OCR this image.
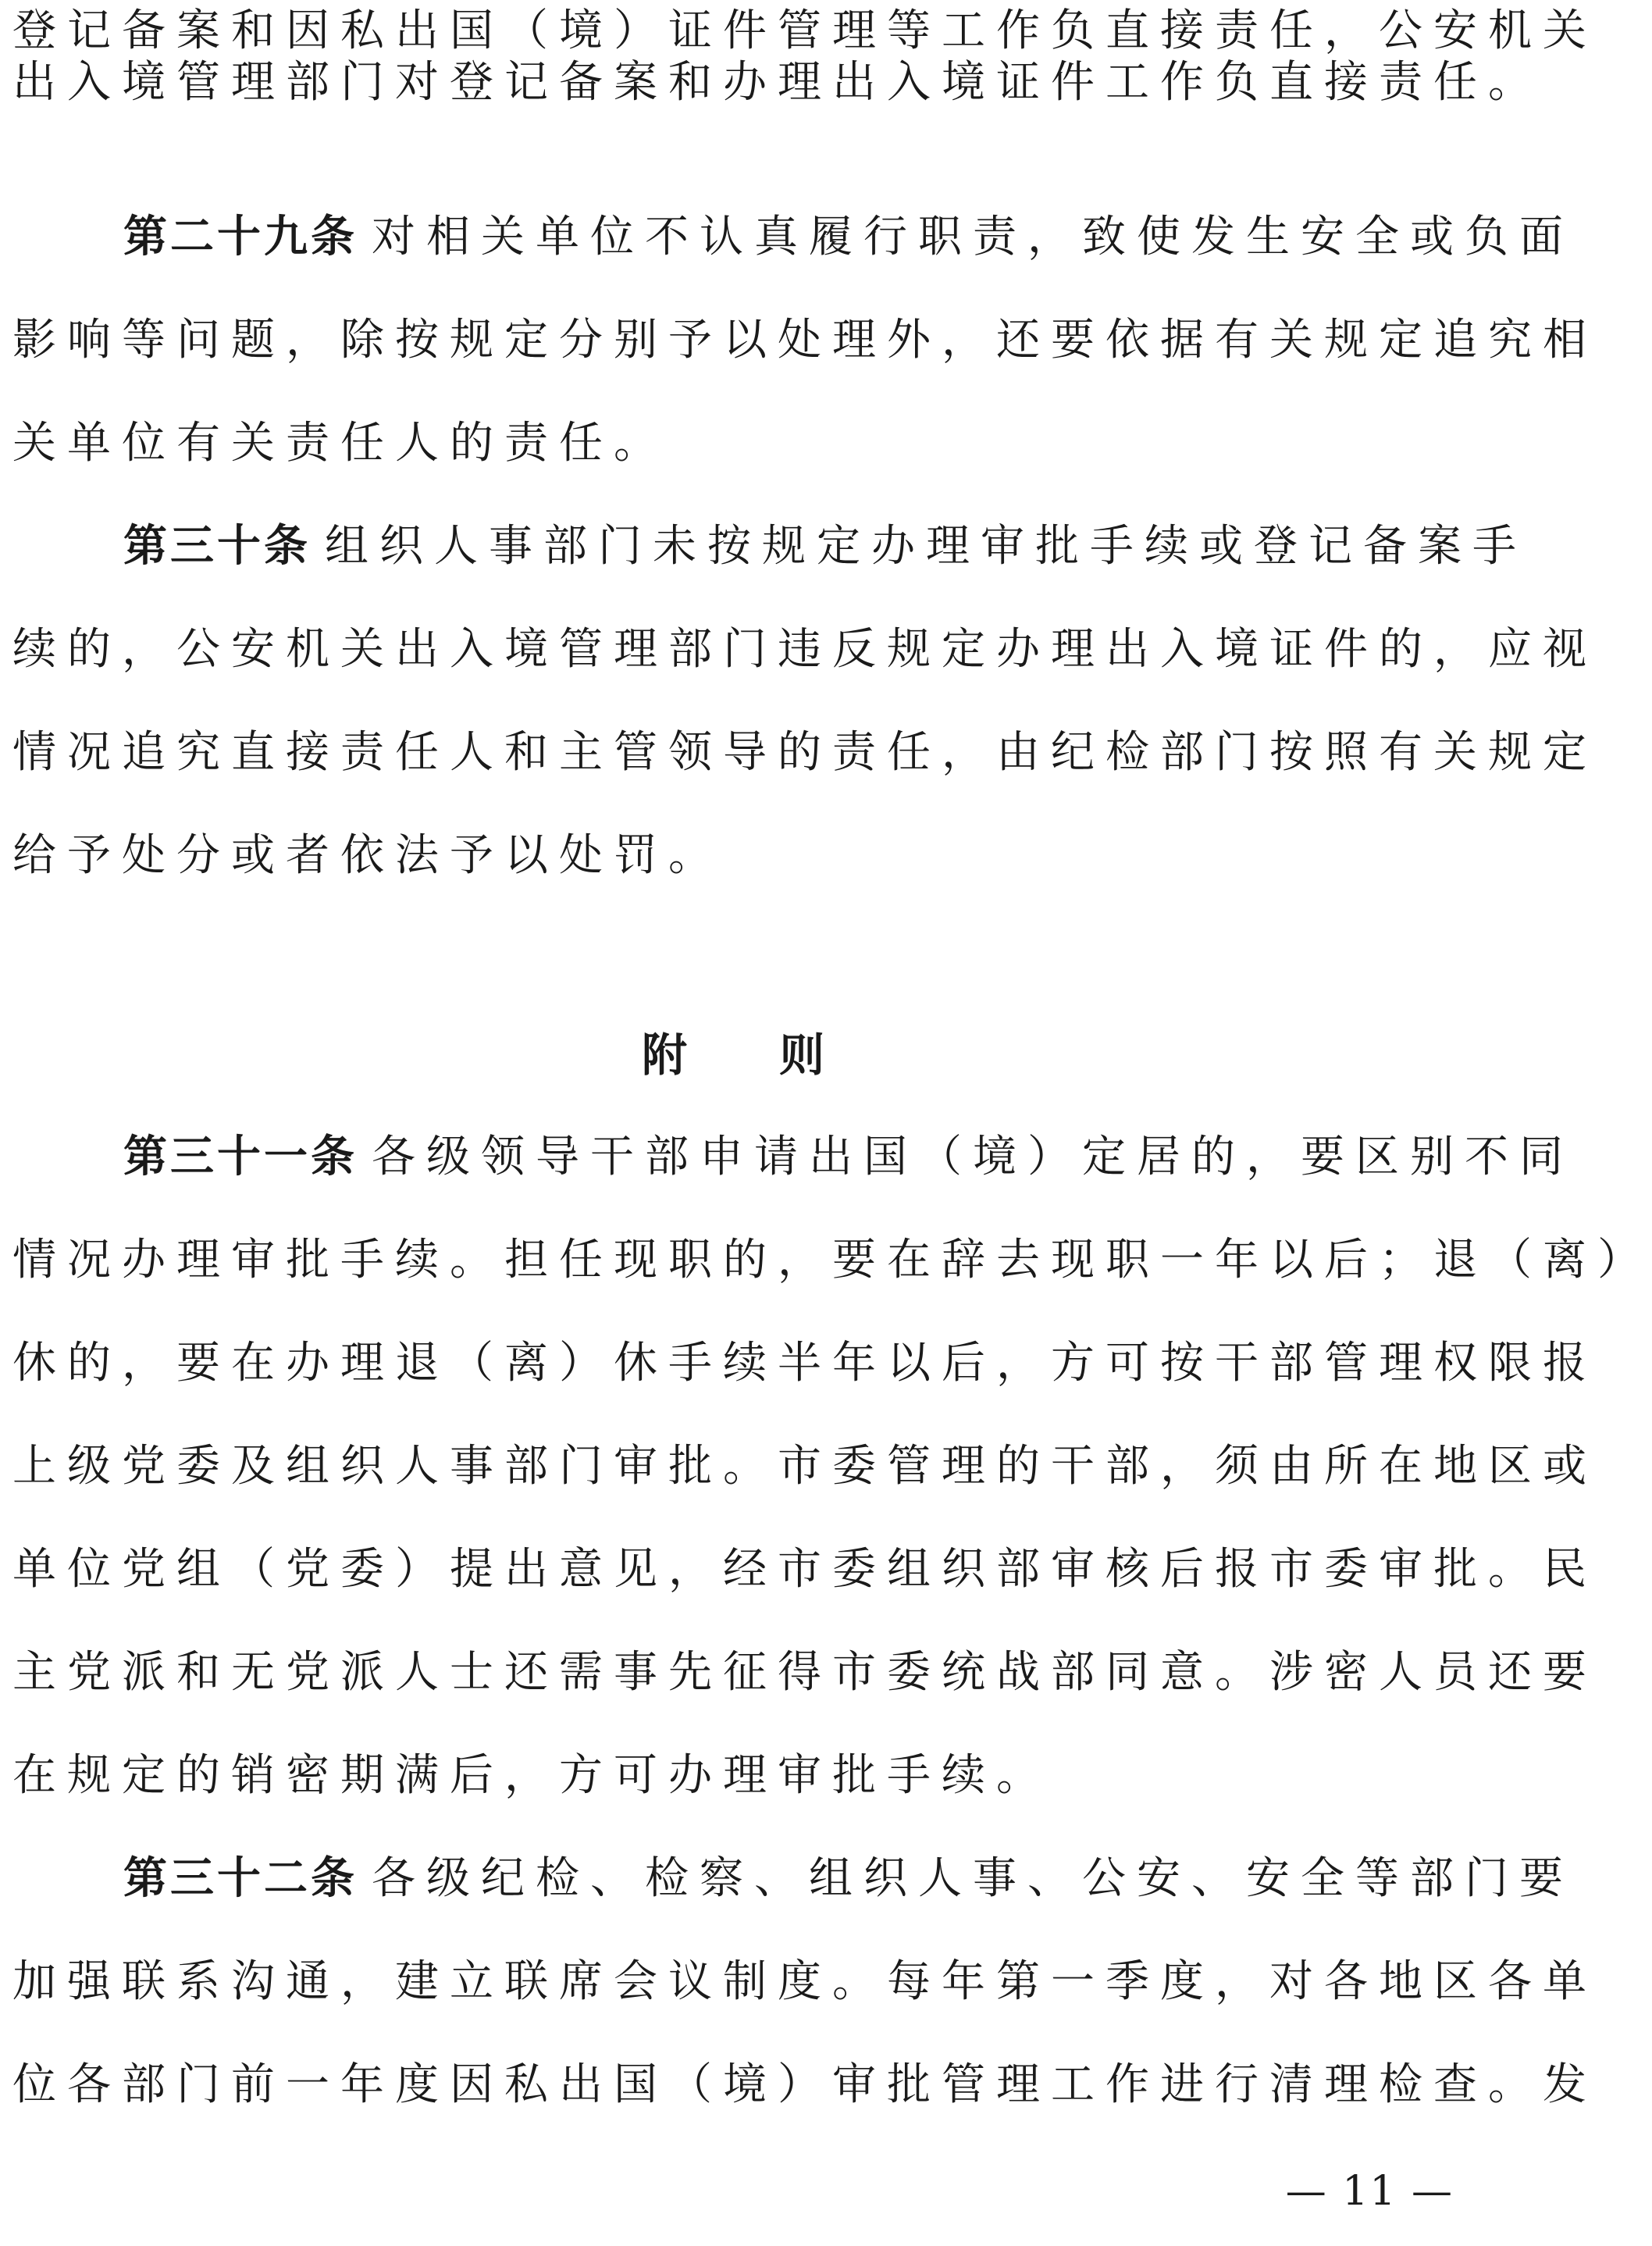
登记备案和因私出国（境）证件管理等工作负直接责任，公安机关
出入境管理部门对登记备案和办理出入境证件工作负直接责任。
第二十九条 对相关单位不认真履行职责，致使发生安全或负面
影响等问题，除按规定分别予以处理外，还要依据有关规定追究相
关单位有关责任人的责任。
第三十条 组织人事部门未按规定办理审批手续或登记备案手
续的，公安机关出入境管理部门违反规定办理出入境证件的，应视
情况追究直接责任人和主管领导的责任，由纪检部门按照有关规定
给予处分或者依法予以处罚。
附 则
第三十一条 各级领导干部申请出国（境）定居的，要区别不同
情况办理审批手续。担任现职的，要在辞去现职一年以后；退（离）
休的，要在办理退（离）休手续半年以后，方可按干部管理权限报
上级党委及组织人事部门审批。市委管理的干部，须由所在地区或
单位党组（党委）提出意见，经市委组织部审核后报市委审批。民
主党派和无党派人士还需事先征得市委统战部同意。涉密人员还要
在规定的销密期满后，方可办理审批手续。
第三十二条 各级纪检、检察、组织人事、公安、安全等部门要
加强联系沟通，建立联席会议制度。每年第一季度，对各地区各单
位各部门前一年度因私出国（境）审批管理工作进行清理检查。发
— 11 —
